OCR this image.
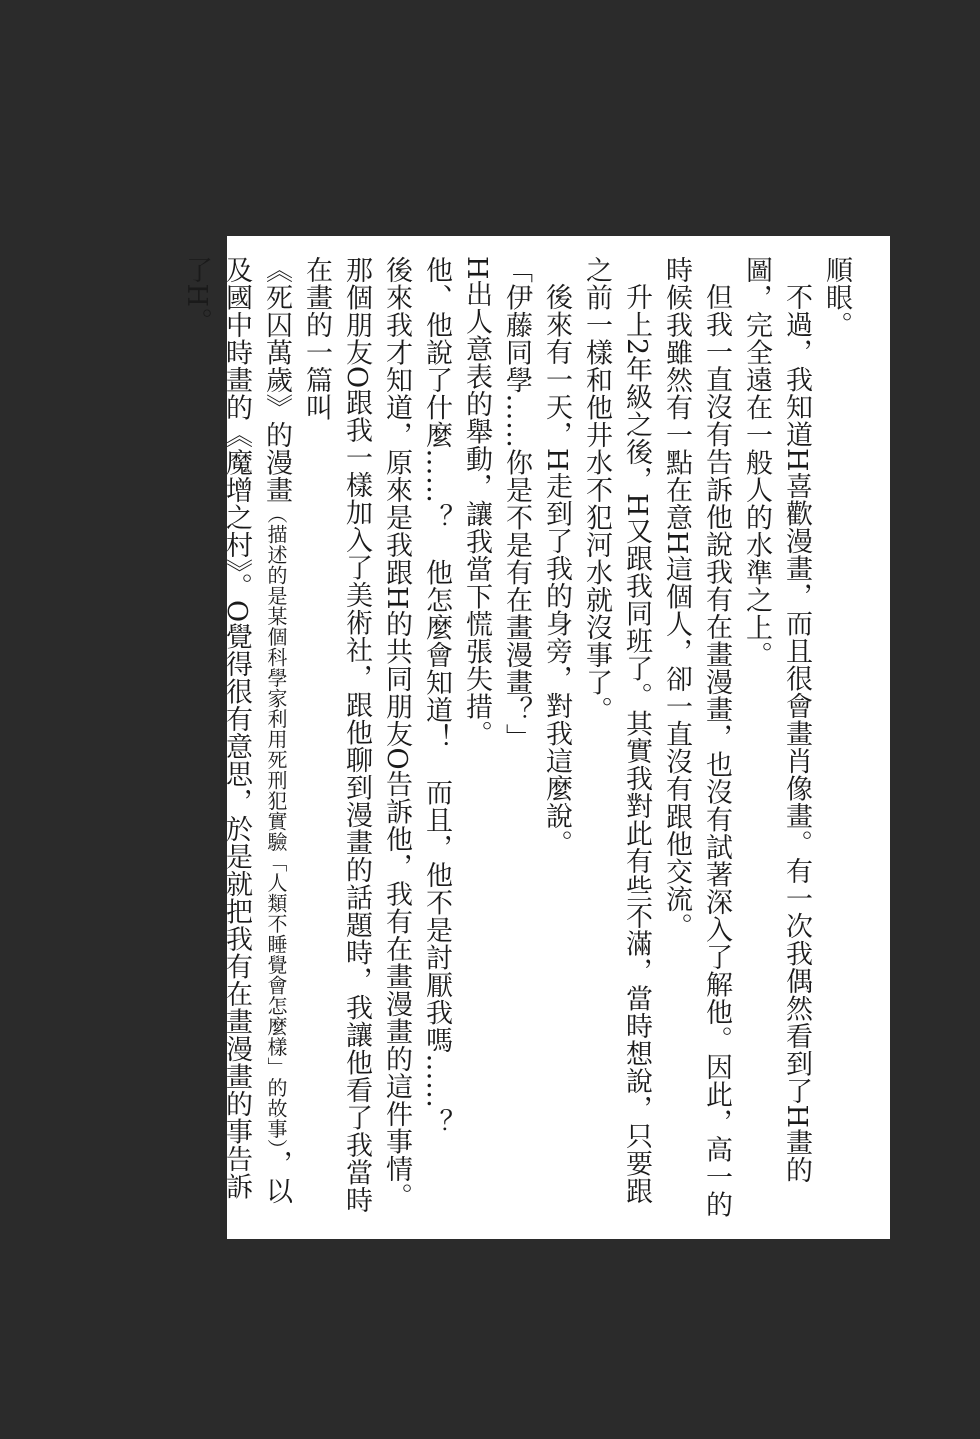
順眼。

不過，我知道H喜歡漫畫，而且很會畫肖像畫。有一次我偶然看到了H畫的圖，完全遠在一般人的水準之上。

但我一直沒有告訴他說我有在畫漫畫，也沒有試著深入了解他。因此，高一的時候我雖然有一點在意H這個人，卻一直沒有跟他交流。

升上2年級之後，H又跟我同班了。其實我對此有些不滿，當時想說，只要跟之前一樣和他井水不犯河水就沒事了。

後來有一天，H走到了我的身旁，對我這麼說。

「伊藤同學……你是不是有在畫漫畫？」

H出人意表的舉動，讓我當下慌張失措。

他、他說了什麼……？　他怎麼會知道！　而且，他不是討厭我嗎……？

後來我才知道，原來是我跟H的共同朋友O告訴他，我有在畫漫畫的這件事情。那個朋友O跟我一樣加入了美術社，跟他聊到漫畫的話題時，我讓他看了我當時在畫的一篇叫

《死囚萬歲》的漫畫（描述的是某個科學家利用死刑犯實驗「人類不睡覺會怎麼樣」的故事），以及國中時畫的《魔增之村》。O覺得很有意思，於是就把我有在畫漫畫的事告訴了H。
